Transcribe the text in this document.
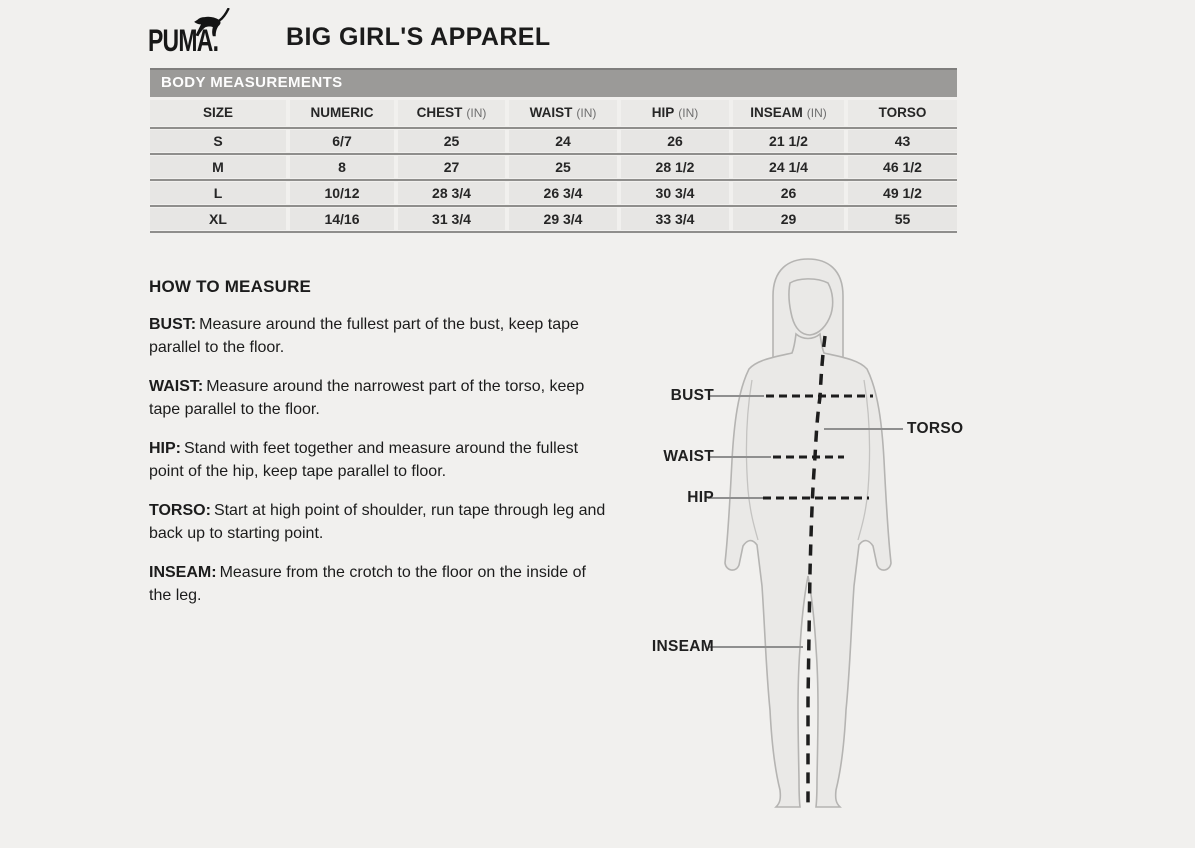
PUMA.	BIG GIRL'S APPAREL
BODY MEASUREMENTS
SIZE	NUMERIC	CHEST (IN)	WAIST (IN)	HIP (IN)	INSEAM (IN)	TORSO
S	6/7	25	24	26	21 1/2	43
M	8	27	25	28 1/2	24 1/4	46 1/2
L	10/12	28 3/4	26 3/4	30 3/4	26	49 1/2
XL	14/16	31 3/4	29 3/4	33 3/4	29	55
HOW TO MEASURE

BUST: Measure around the fullest part of the bust, keep tape parallel to the floor.

WAIST: Measure around the narrowest part of the torso, keep tape parallel to the floor.

HIP: Stand with feet together and measure around the fullest point of the hip, keep tape parallel to floor.

TORSO: Start at high point of shoulder, run tape through leg and back up to starting point.

INSEAM: Measure from the crotch to the floor on the inside of the leg.

BUST
TORSO
WAIST
HIP
INSEAM
